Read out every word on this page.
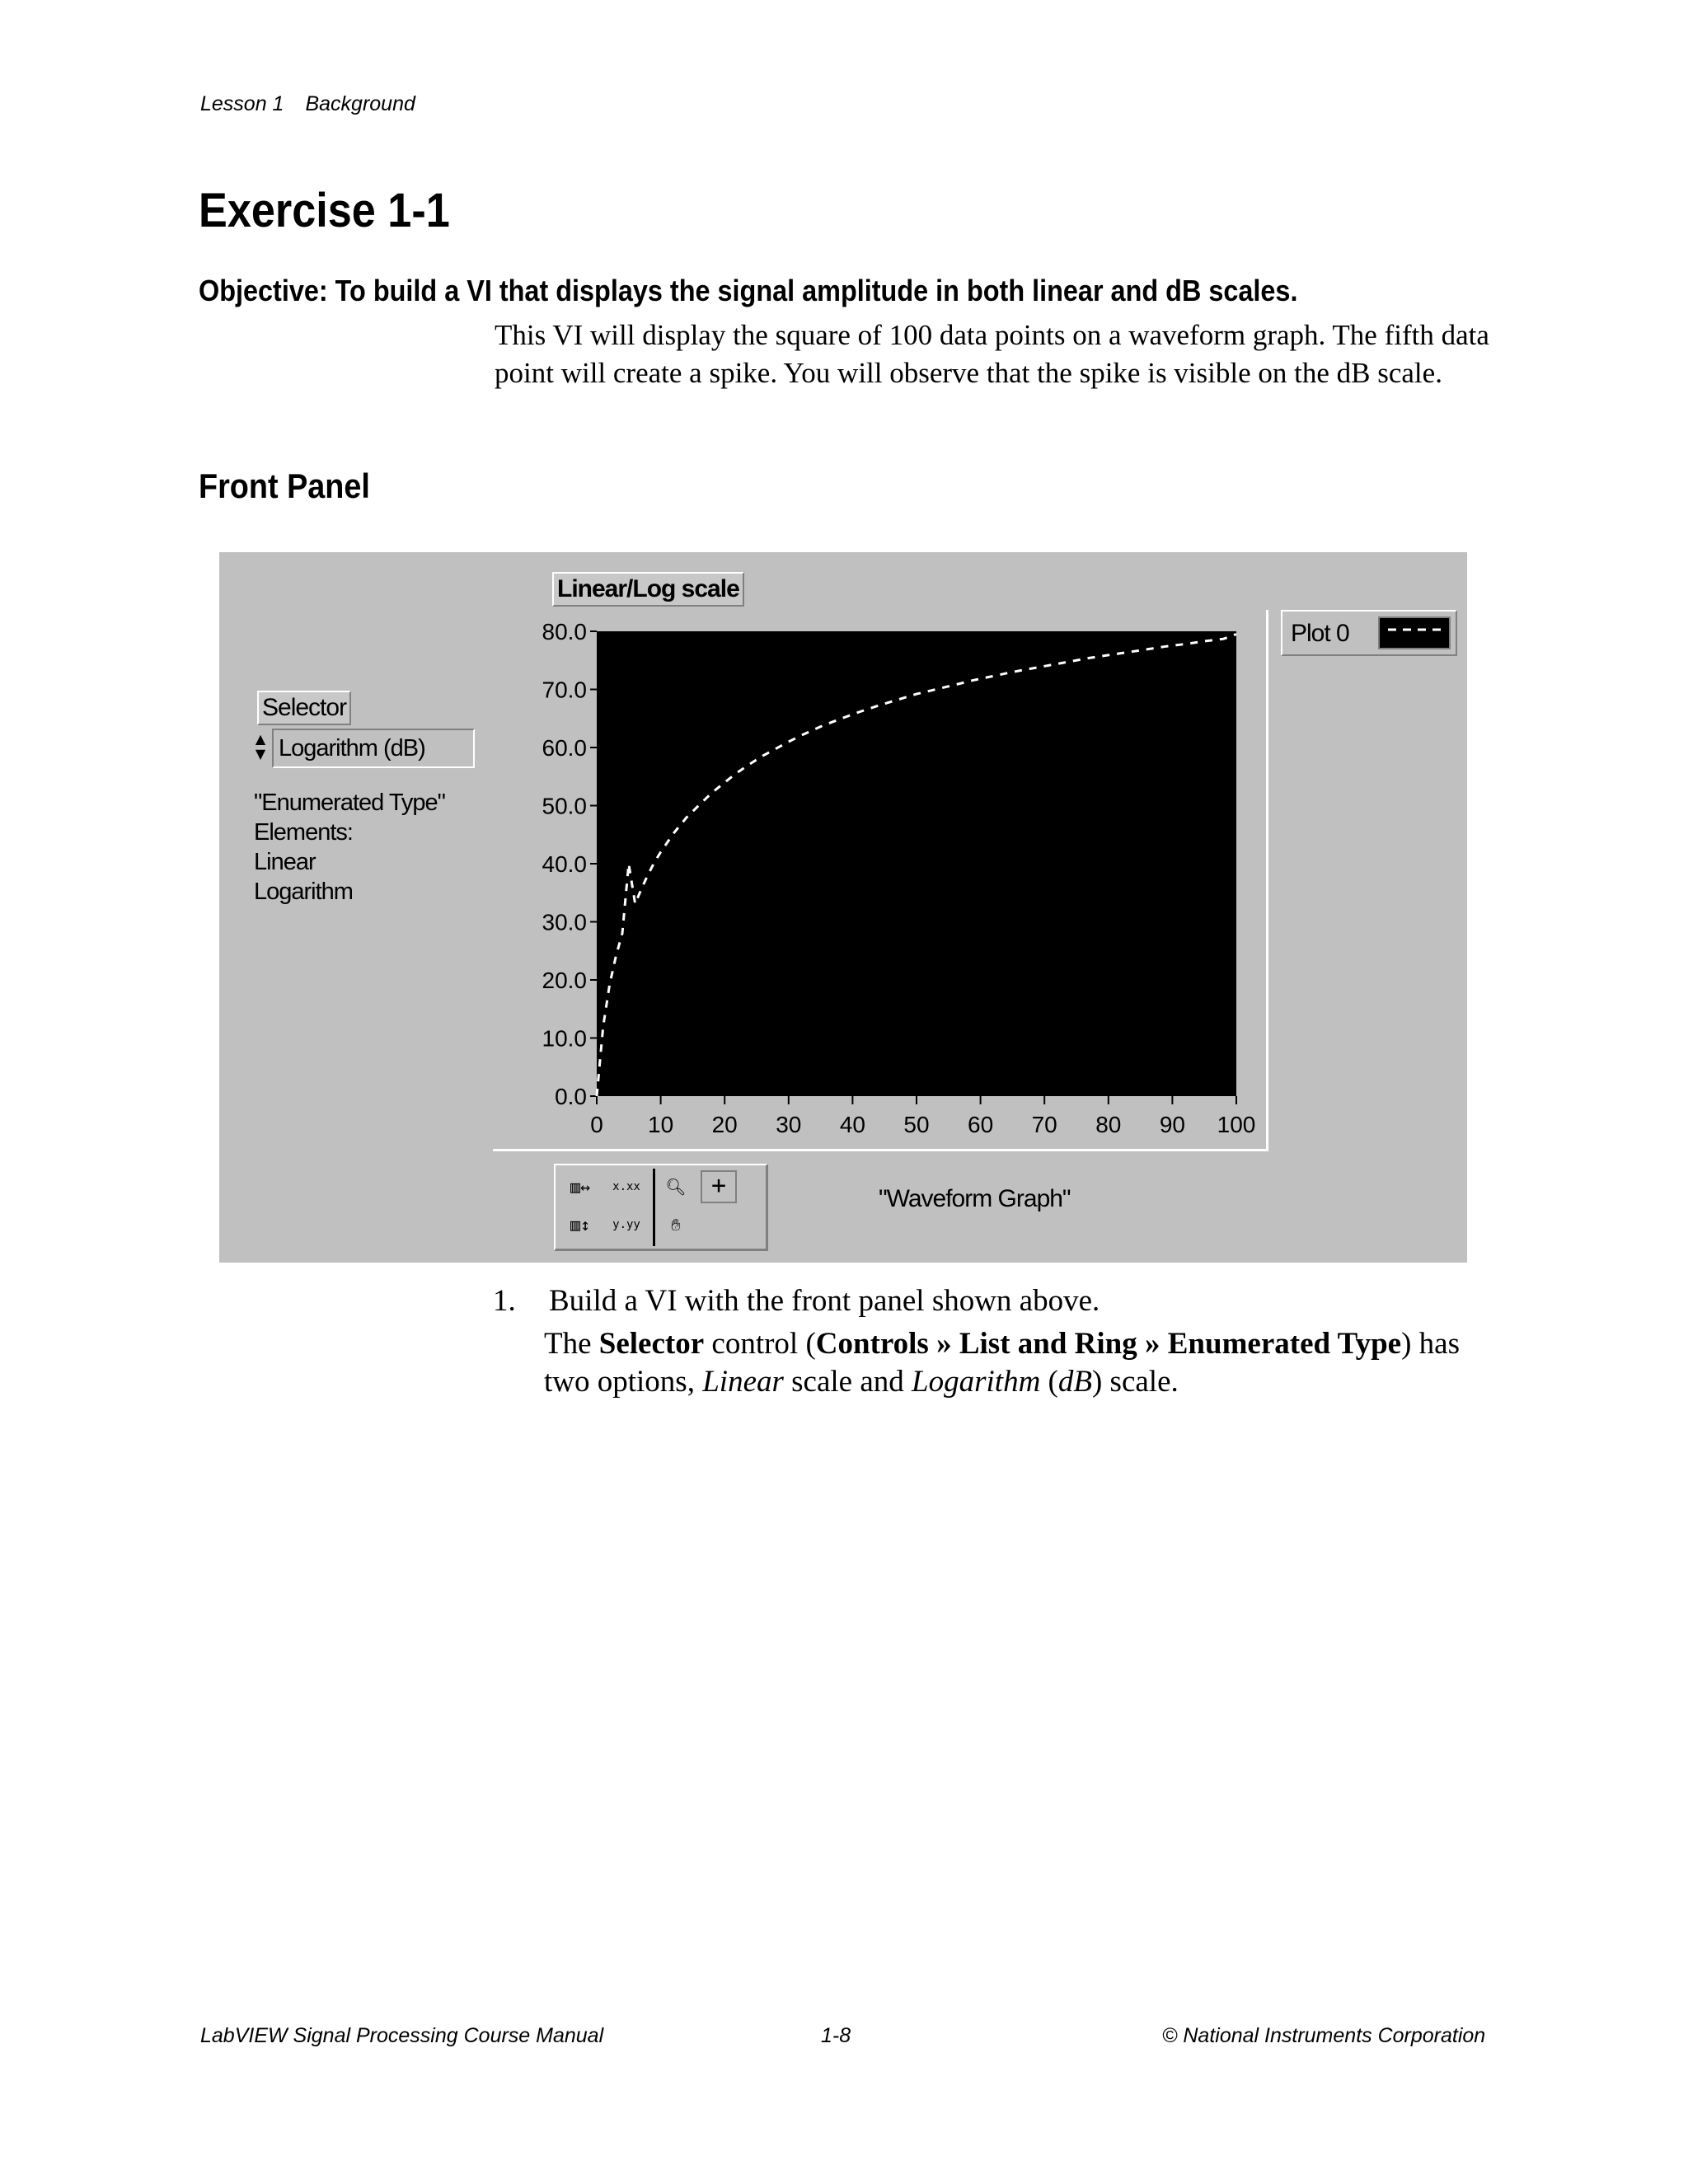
Lesson 1 Background
Exercise 1-1
Objective: To build a VI that displays the signal amplitude in both linear and dB scales.
This VI will display the square of 100 data points on a waveform graph. The fifth data point will create a spike. You will observe that the spike is visible on the dB scale.
Front Panel
Linear/Log scale
Selector
▲
▼ Logarithm (dB)
"Enumerated Type"
Elements:
Linear
Logarithm
80.0
70.0
60.0
50.0
40.0
30.0
20.0
10.0
0.0
0 10 20 30 40 50 60 70 80 90 100
Plot 0
▥↔	x.xx
▥↕	y.yy
🔍︎	+
✋︎
"Waveform Graph"
1. Build a VI with the front panel shown above.
The Selector control (Controls » List and Ring » Enumerated Type) has two options, Linear scale and Logarithm (dB) scale.
LabVIEW Signal Processing Course Manual	1-8	© National Instruments Corporation
